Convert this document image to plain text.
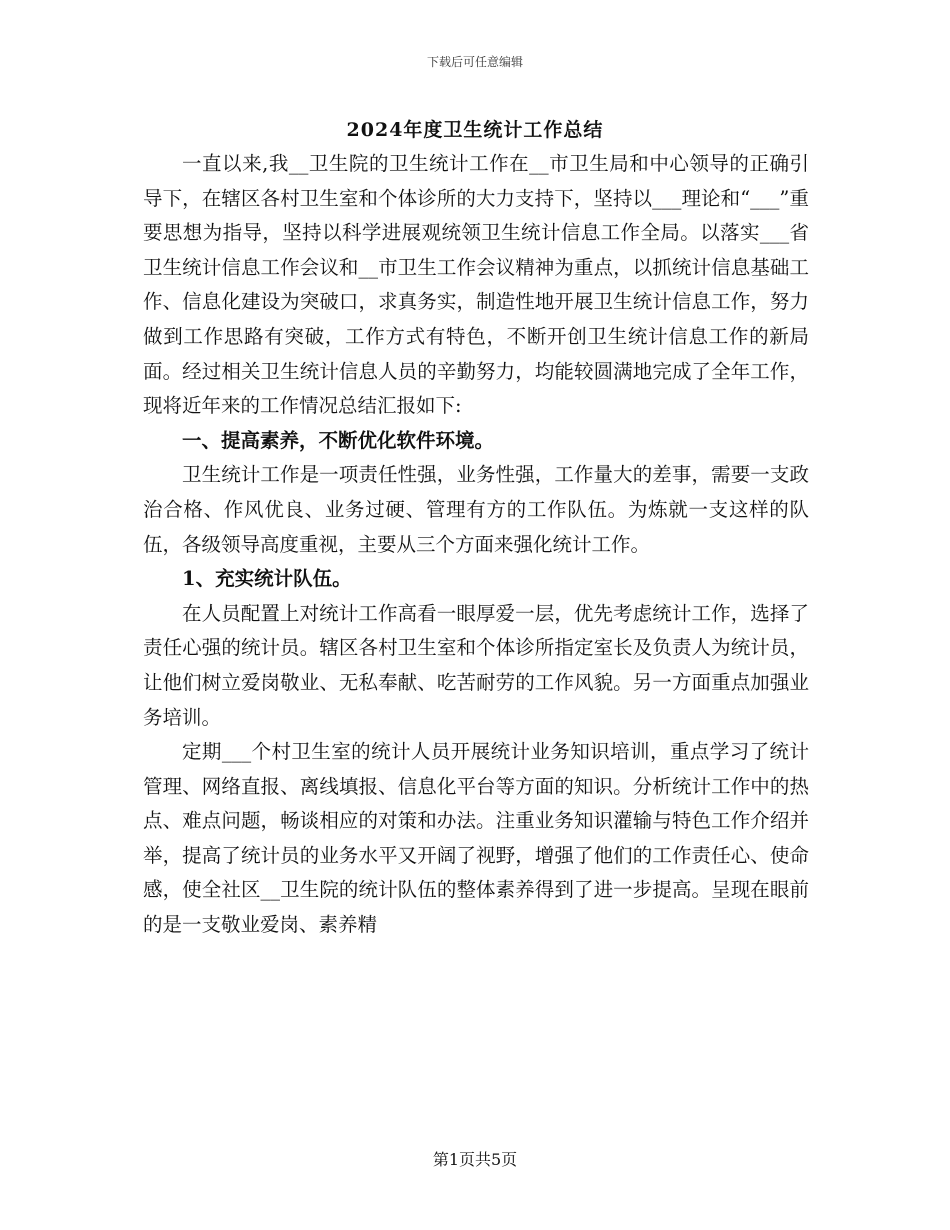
下载后可任意编辑
2024年度卫生统计工作总结

一直以来,我__卫生院的卫生统计工作在__市卫生局和中心领导的正确引导下，在辖区各村卫生室和个体诊所的大力支持下，坚持以___理论和“___”重要思想为指导，坚持以科学进展观统领卫生统计信息工作全局。以落实___省卫生统计信息工作会议和__市卫生工作会议精神为重点，以抓统计信息基础工作、信息化建设为突破口，求真务实，制造性地开展卫生统计信息工作，努力做到工作思路有突破，工作方式有特色，不断开创卫生统计信息工作的新局面。经过相关卫生统计信息人员的辛勤努力，均能较圆满地完成了全年工作，现将近年来的工作情况总结汇报如下:

一、提高素养，不断优化软件环境。

卫生统计工作是一项责任性强，业务性强，工作量大的差事，需要一支政治合格、作风优良、业务过硬、管理有方的工作队伍。为炼就一支这样的队伍，各级领导高度重视，主要从三个方面来强化统计工作。

1、充实统计队伍。

在人员配置上对统计工作高看一眼厚爱一层，优先考虑统计工作，选择了责任心强的统计员。辖区各村卫生室和个体诊所指定室长及负责人为统计员，让他们树立爱岗敬业、无私奉献、吃苦耐劳的工作风貌。另一方面重点加强业务培训。

定期___个村卫生室的统计人员开展统计业务知识培训，重点学习了统计管理、网络直报、离线填报、信息化平台等方面的知识。分析统计工作中的热点、难点问题，畅谈相应的对策和办法。注重业务知识灌输与特色工作介绍并举，提高了统计员的业务水平又开阔了视野，增强了他们的工作责任心、使命感，使全社区__卫生院的统计队伍的整体素养得到了进一步提高。呈现在眼前的是一支敬业爱岗、素养精

第1页共5页
